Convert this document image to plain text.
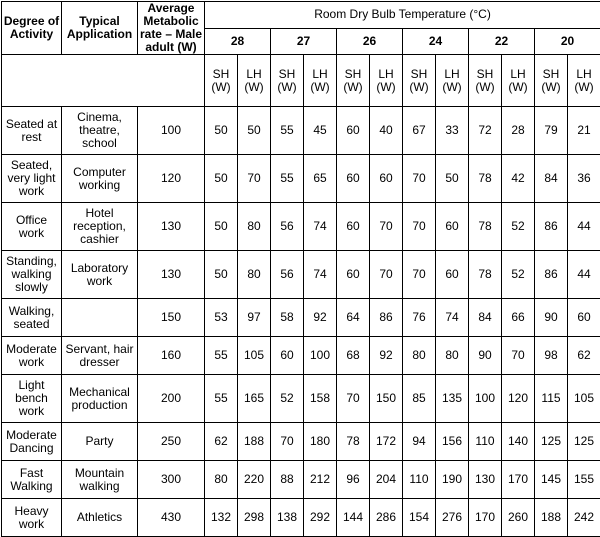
Degree of Activity	Typical Application	Average Metabolic rate – Male adult (W)	Room Dry Bulb Temperature (°C)											
			28		27		26		24		22		20	
			SH (W)	LH (W)	SH (W)	LH (W)	SH (W)	LH (W)	SH (W)	LH (W)	SH (W)	LH (W)	SH (W)	LH (W)
Seated at rest	Cinema, theatre, school	100	50	50	55	45	60	40	67	33	72	28	79	21
Seated, very light work	Computer working	120	50	70	55	65	60	60	70	50	78	42	84	36
Office work	Hotel reception, cashier	130	50	80	56	74	60	70	70	60	78	52	86	44
Standing, walking slowly	Laboratory work	130	50	80	56	74	60	70	70	60	78	52	86	44
Walking, seated		150	53	97	58	92	64	86	76	74	84	66	90	60
Moderate work	Servant, hair dresser	160	55	105	60	100	68	92	80	80	90	70	98	62
Light bench work	Mechanical production	200	55	165	52	158	70	150	85	135	100	120	115	105
Moderate Dancing	Party	250	62	188	70	180	78	172	94	156	110	140	125	125
Fast Walking	Mountain walking	300	80	220	88	212	96	204	110	190	130	170	145	155
Heavy work	Athletics	430	132	298	138	292	144	286	154	276	170	260	188	242
